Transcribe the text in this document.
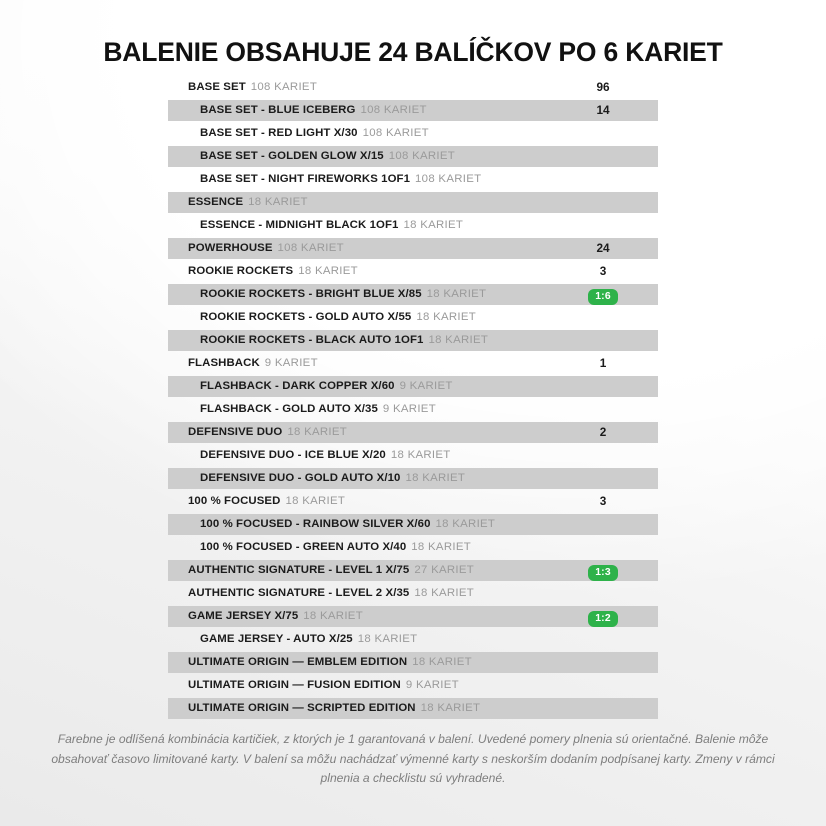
BALENIE OBSAHUJE 24 BALÍČKOV PO 6 KARIET
BASE SET 108 KARIET	96
BASE SET - BLUE ICEBERG 108 KARIET	14
BASE SET - RED LIGHT X/30 108 KARIET
BASE SET - GOLDEN GLOW X/15 108 KARIET
BASE SET - NIGHT FIREWORKS 1OF1 108 KARIET
ESSENCE 18 KARIET
ESSENCE - MIDNIGHT BLACK 1OF1 18 KARIET
POWERHOUSE 108 KARIET	24
ROOKIE ROCKETS 18 KARIET	3
ROOKIE ROCKETS - BRIGHT BLUE X/85 18 KARIET	1:6
ROOKIE ROCKETS - GOLD AUTO X/55 18 KARIET
ROOKIE ROCKETS - BLACK AUTO 1OF1 18 KARIET
FLASHBACK 9 KARIET	1
FLASHBACK - DARK COPPER X/60 9 KARIET
FLASHBACK - GOLD AUTO X/35 9 KARIET
DEFENSIVE DUO 18 KARIET	2
DEFENSIVE DUO - ICE BLUE X/20 18 KARIET
DEFENSIVE DUO - GOLD AUTO X/10 18 KARIET
100 % FOCUSED 18 KARIET	3
100 % FOCUSED - RAINBOW SILVER X/60 18 KARIET
100 % FOCUSED - GREEN AUTO X/40 18 KARIET
AUTHENTIC SIGNATURE - LEVEL 1 X/75 27 KARIET	1:3
AUTHENTIC SIGNATURE - LEVEL 2 X/35 18 KARIET
GAME JERSEY X/75 18 KARIET	1:2
GAME JERSEY - AUTO X/25 18 KARIET
ULTIMATE ORIGIN — EMBLEM EDITION 18 KARIET
ULTIMATE ORIGIN — FUSION EDITION 9 KARIET
ULTIMATE ORIGIN — SCRIPTED EDITION 18 KARIET
Farebne je odlíšená kombinácia kartičiek, z ktorých je 1 garantovaná v balení. Uvedené pomery plnenia sú orientačné. Balenie môže obsahovať časovo limitované karty. V balení sa môžu nachádzať výmenné karty s neskorším dodaním podpísanej karty. Zmeny v rámci plnenia a checklistu sú vyhradené.
